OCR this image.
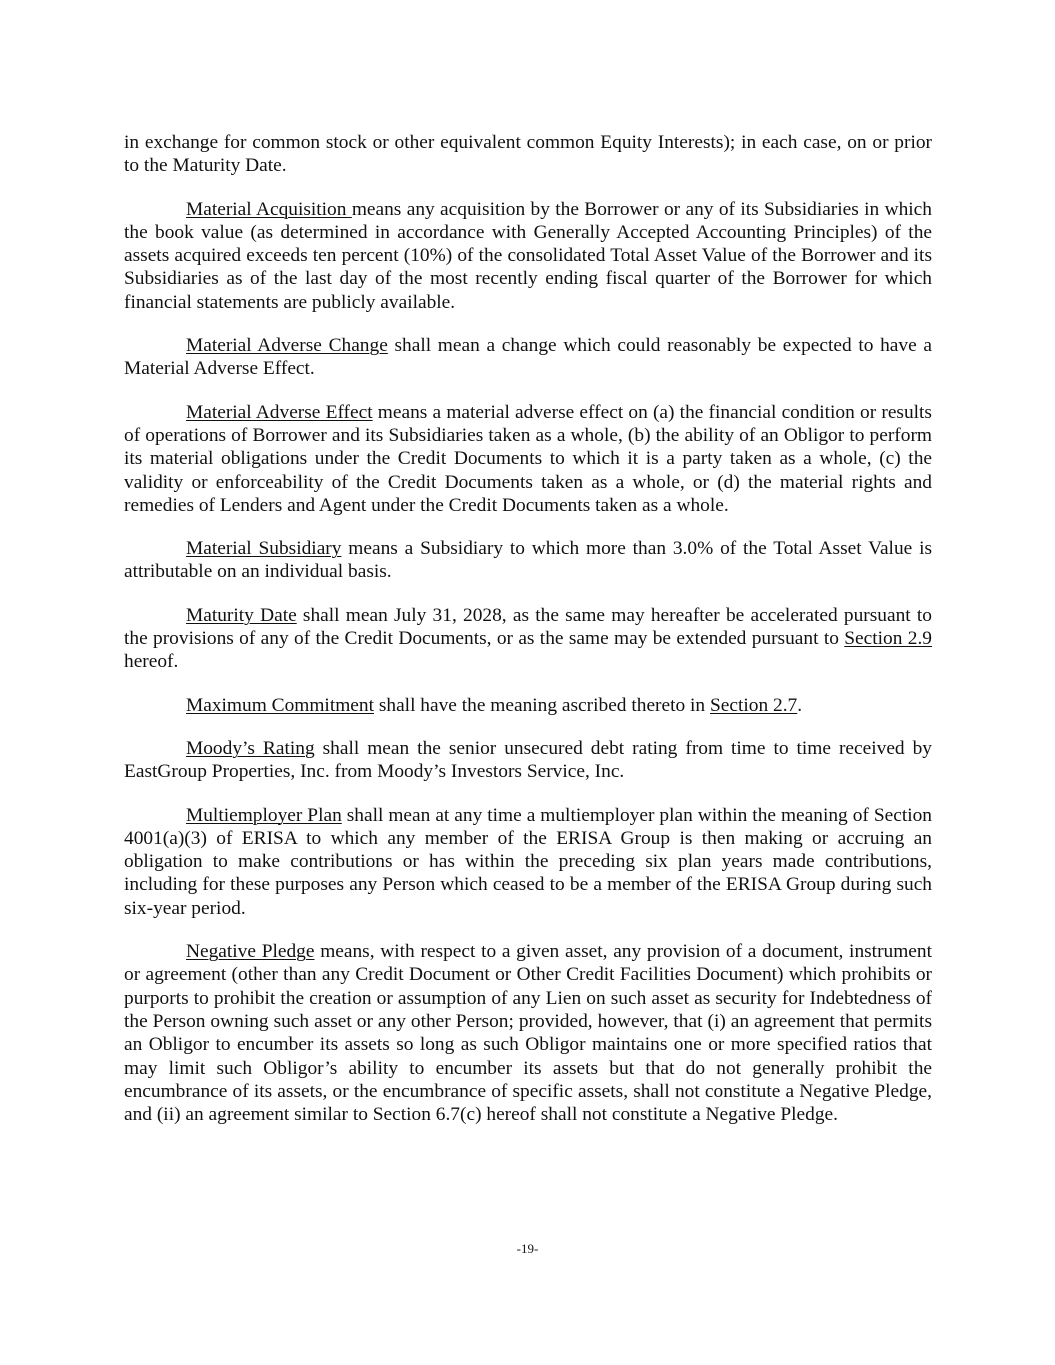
in exchange for common stock or other equivalent common Equity Interests); in each case, on or prior to the Maturity Date.

Material Acquisition means any acquisition by the Borrower or any of its Subsidiaries in which the book value (as determined in accordance with Generally Accepted Accounting Principles) of the assets acquired exceeds ten percent (10%) of the consolidated Total Asset Value of the Borrower and its Subsidiaries as of the last day of the most recently ending fiscal quarter of the Borrower for which financial statements are publicly available.

Material Adverse Change shall mean a change which could reasonably be expected to have a Material Adverse Effect.

Material Adverse Effect means a material adverse effect on (a) the financial condition or results of operations of Borrower and its Subsidiaries taken as a whole, (b) the ability of an Obligor to perform its material obligations under the Credit Documents to which it is a party taken as a whole, (c) the validity or enforceability of the Credit Documents taken as a whole, or (d) the material rights and remedies of Lenders and Agent under the Credit Documents taken as a whole.

Material Subsidiary means a Subsidiary to which more than 3.0% of the Total Asset Value is attributable on an individual basis.

Maturity Date shall mean July 31, 2028, as the same may hereafter be accelerated pursuant to the provisions of any of the Credit Documents, or as the same may be extended pursuant to Section 2.9 hereof.

Maximum Commitment shall have the meaning ascribed thereto in Section 2.7.

Moody’s Rating shall mean the senior unsecured debt rating from time to time received by EastGroup Properties, Inc. from Moody’s Investors Service, Inc.

Multiemployer Plan shall mean at any time a multiemployer plan within the meaning of Section 4001(a)(3) of ERISA to which any member of the ERISA Group is then making or accruing an obligation to make contributions or has within the preceding six plan years made contributions, including for these purposes any Person which ceased to be a member of the ERISA Group during such six-year period.

Negative Pledge means, with respect to a given asset, any provision of a document, instrument or agreement (other than any Credit Document or Other Credit Facilities Document) which prohibits or purports to prohibit the creation or assumption of any Lien on such asset as security for Indebtedness of the Person owning such asset or any other Person; provided, however, that (i) an agreement that permits an Obligor to encumber its assets so long as such Obligor maintains one or more specified ratios that may limit such Obligor’s ability to encumber its assets but that do not generally prohibit the encumbrance of its assets, or the encumbrance of specific assets, shall not constitute a Negative Pledge, and (ii) an agreement similar to Section 6.7(c) hereof shall not constitute a Negative Pledge.

-19-
